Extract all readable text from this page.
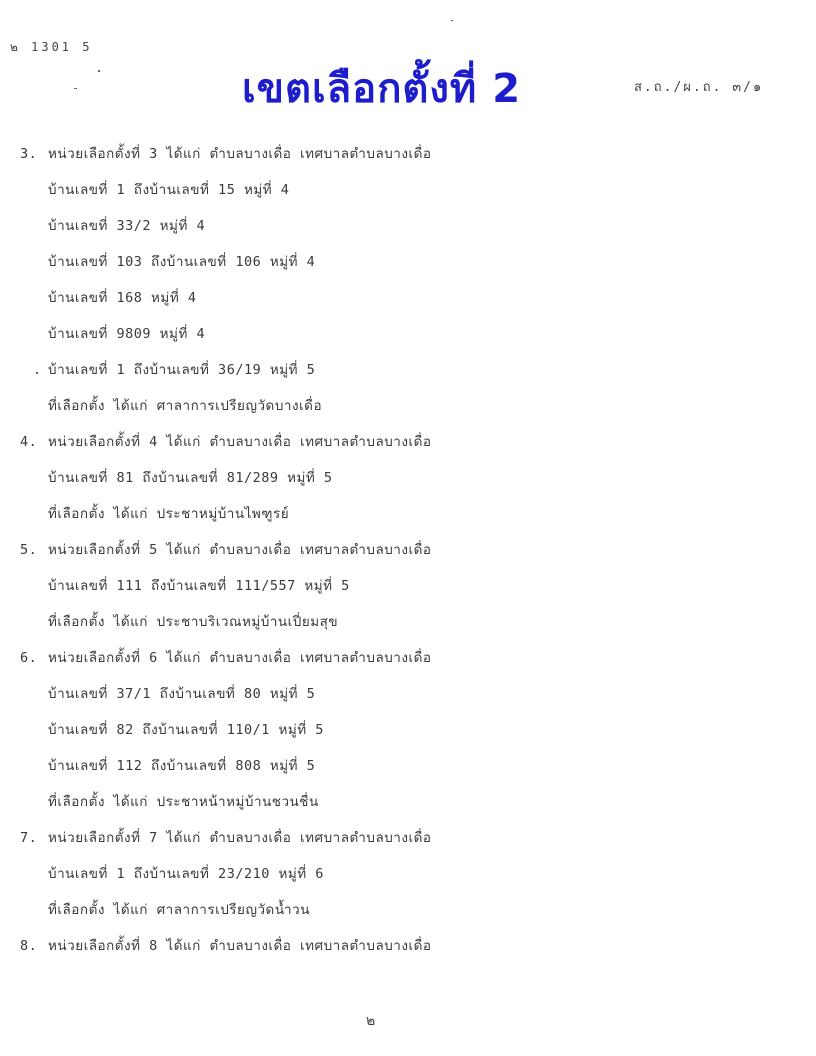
๒ 1301 5
เขตเลือกตั้งที่ 2	ส.ถ./ผ.ถ. ๓/๑
3. หน่วยเลือกตั้งที่ 3 ได้แก่ ตำบลบางเดื่อ เทศบาลตำบลบางเดื่อ
บ้านเลขที่ 1 ถึงบ้านเลขที่ 15 หมู่ที่ 4
บ้านเลขที่ 33/2 หมู่ที่ 4
บ้านเลขที่ 103 ถึงบ้านเลขที่ 106 หมู่ที่ 4
บ้านเลขที่ 168 หมู่ที่ 4
บ้านเลขที่ 9809 หมู่ที่ 4
บ้านเลขที่ 1 ถึงบ้านเลขที่ 36/19 หมู่ที่ 5
ที่เลือกตั้ง ได้แก่ ศาลาการเปรียญวัดบางเดื่อ
4. หน่วยเลือกตั้งที่ 4 ได้แก่ ตำบลบางเดื่อ เทศบาลตำบลบางเดื่อ
บ้านเลขที่ 81 ถึงบ้านเลขที่ 81/289 หมู่ที่ 5
ที่เลือกตั้ง ได้แก่ ประชาหมู่บ้านไพฑูรย์
5. หน่วยเลือกตั้งที่ 5 ได้แก่ ตำบลบางเดื่อ เทศบาลตำบลบางเดื่อ
บ้านเลขที่ 111 ถึงบ้านเลขที่ 111/557 หมู่ที่ 5
ที่เลือกตั้ง ได้แก่ ประชาบริเวณหมู่บ้านเปี่ยมสุข
6. หน่วยเลือกตั้งที่ 6 ได้แก่ ตำบลบางเดื่อ เทศบาลตำบลบางเดื่อ
บ้านเลขที่ 37/1 ถึงบ้านเลขที่ 80 หมู่ที่ 5
บ้านเลขที่ 82 ถึงบ้านเลขที่ 110/1 หมู่ที่ 5
บ้านเลขที่ 112 ถึงบ้านเลขที่ 808 หมู่ที่ 5
ที่เลือกตั้ง ได้แก่ ประชาหน้าหมู่บ้านชวนชื่น
7. หน่วยเลือกตั้งที่ 7 ได้แก่ ตำบลบางเดื่อ เทศบาลตำบลบางเดื่อ
บ้านเลขที่ 1 ถึงบ้านเลขที่ 23/210 หมู่ที่ 6
ที่เลือกตั้ง ได้แก่ ศาลาการเปรียญวัดน้ำวน
8. หน่วยเลือกตั้งที่ 8 ได้แก่ ตำบลบางเดื่อ เทศบาลตำบลบางเดื่อ
๒
